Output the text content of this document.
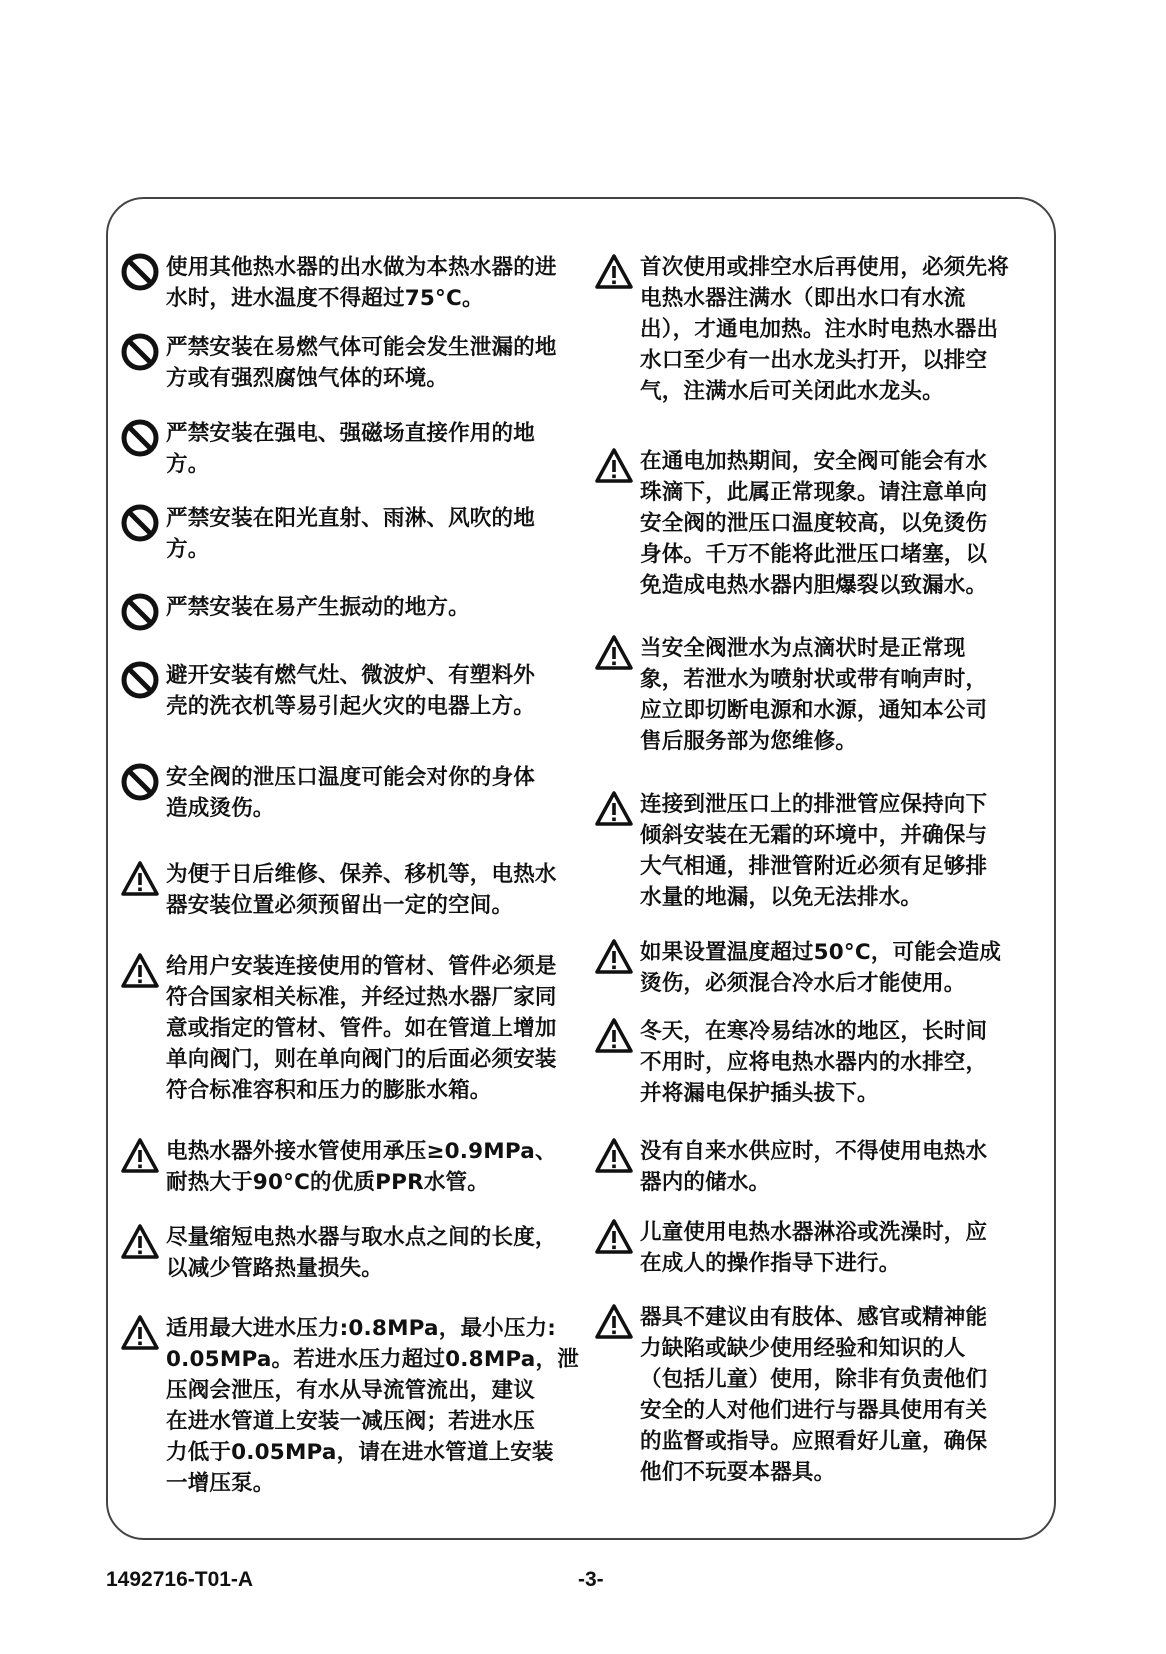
使用其他热水器的出水做为本热水器的进
水时，进水温度不得超过75°C。
严禁安装在易燃气体可能会发生泄漏的地
方或有强烈腐蚀气体的环境。
严禁安装在强电、强磁场直接作用的地
方。
严禁安装在阳光直射、雨淋、风吹的地
方。
严禁安装在易产生振动的地方。
避开安装有燃气灶、微波炉、有塑料外
壳的洗衣机等易引起火灾的电器上方。
安全阀的泄压口温度可能会对你的身体
造成烫伤。
为便于日后维修、保养、移机等，电热水
器安装位置必须预留出一定的空间。
给用户安装连接使用的管材、管件必须是
符合国家相关标准，并经过热水器厂家同
意或指定的管材、管件。如在管道上增加
单向阀门，则在单向阀门的后面必须安装
符合标准容积和压力的膨胀水箱。
电热水器外接水管使用承压≥0.9MPa、
耐热大于90°C的优质PPR水管。
尽量缩短电热水器与取水点之间的长度，
以减少管路热量损失。
适用最大进水压力:0.8MPa，最小压力:
0.05MPa。若进水压力超过0.8MPa，泄
压阀会泄压，有水从导流管流出，建议
在进水管道上安装一减压阀；若进水压
力低于0.05MPa，请在进水管道上安装
一增压泵。
首次使用或排空水后再使用，必须先将
电热水器注满水（即出水口有水流
出），才通电加热。注水时电热水器出
水口至少有一出水龙头打开，以排空
气，注满水后可关闭此水龙头。
在通电加热期间，安全阀可能会有水
珠滴下，此属正常现象。请注意单向
安全阀的泄压口温度较高，以免烫伤
身体。千万不能将此泄压口堵塞，以
免造成电热水器内胆爆裂以致漏水。
当安全阀泄水为点滴状时是正常现
象，若泄水为喷射状或带有响声时，
应立即切断电源和水源，通知本公司
售后服务部为您维修。
连接到泄压口上的排泄管应保持向下
倾斜安装在无霜的环境中，并确保与
大气相通，排泄管附近必须有足够排
水量的地漏，以免无法排水。
如果设置温度超过50°C，可能会造成
烫伤，必须混合冷水后才能使用。
冬天，在寒冷易结冰的地区，长时间
不用时，应将电热水器内的水排空，
并将漏电保护插头拔下。
没有自来水供应时，不得使用电热水
器内的储水。
儿童使用电热水器淋浴或洗澡时，应
在成人的操作指导下进行。
器具不建议由有肢体、感官或精神能
力缺陷或缺少使用经验和知识的人
（包括儿童）使用，除非有负责他们
安全的人对他们进行与器具使用有关
的监督或指导。应照看好儿童，确保
他们不玩耍本器具。
1492716-T01-A	-3-
